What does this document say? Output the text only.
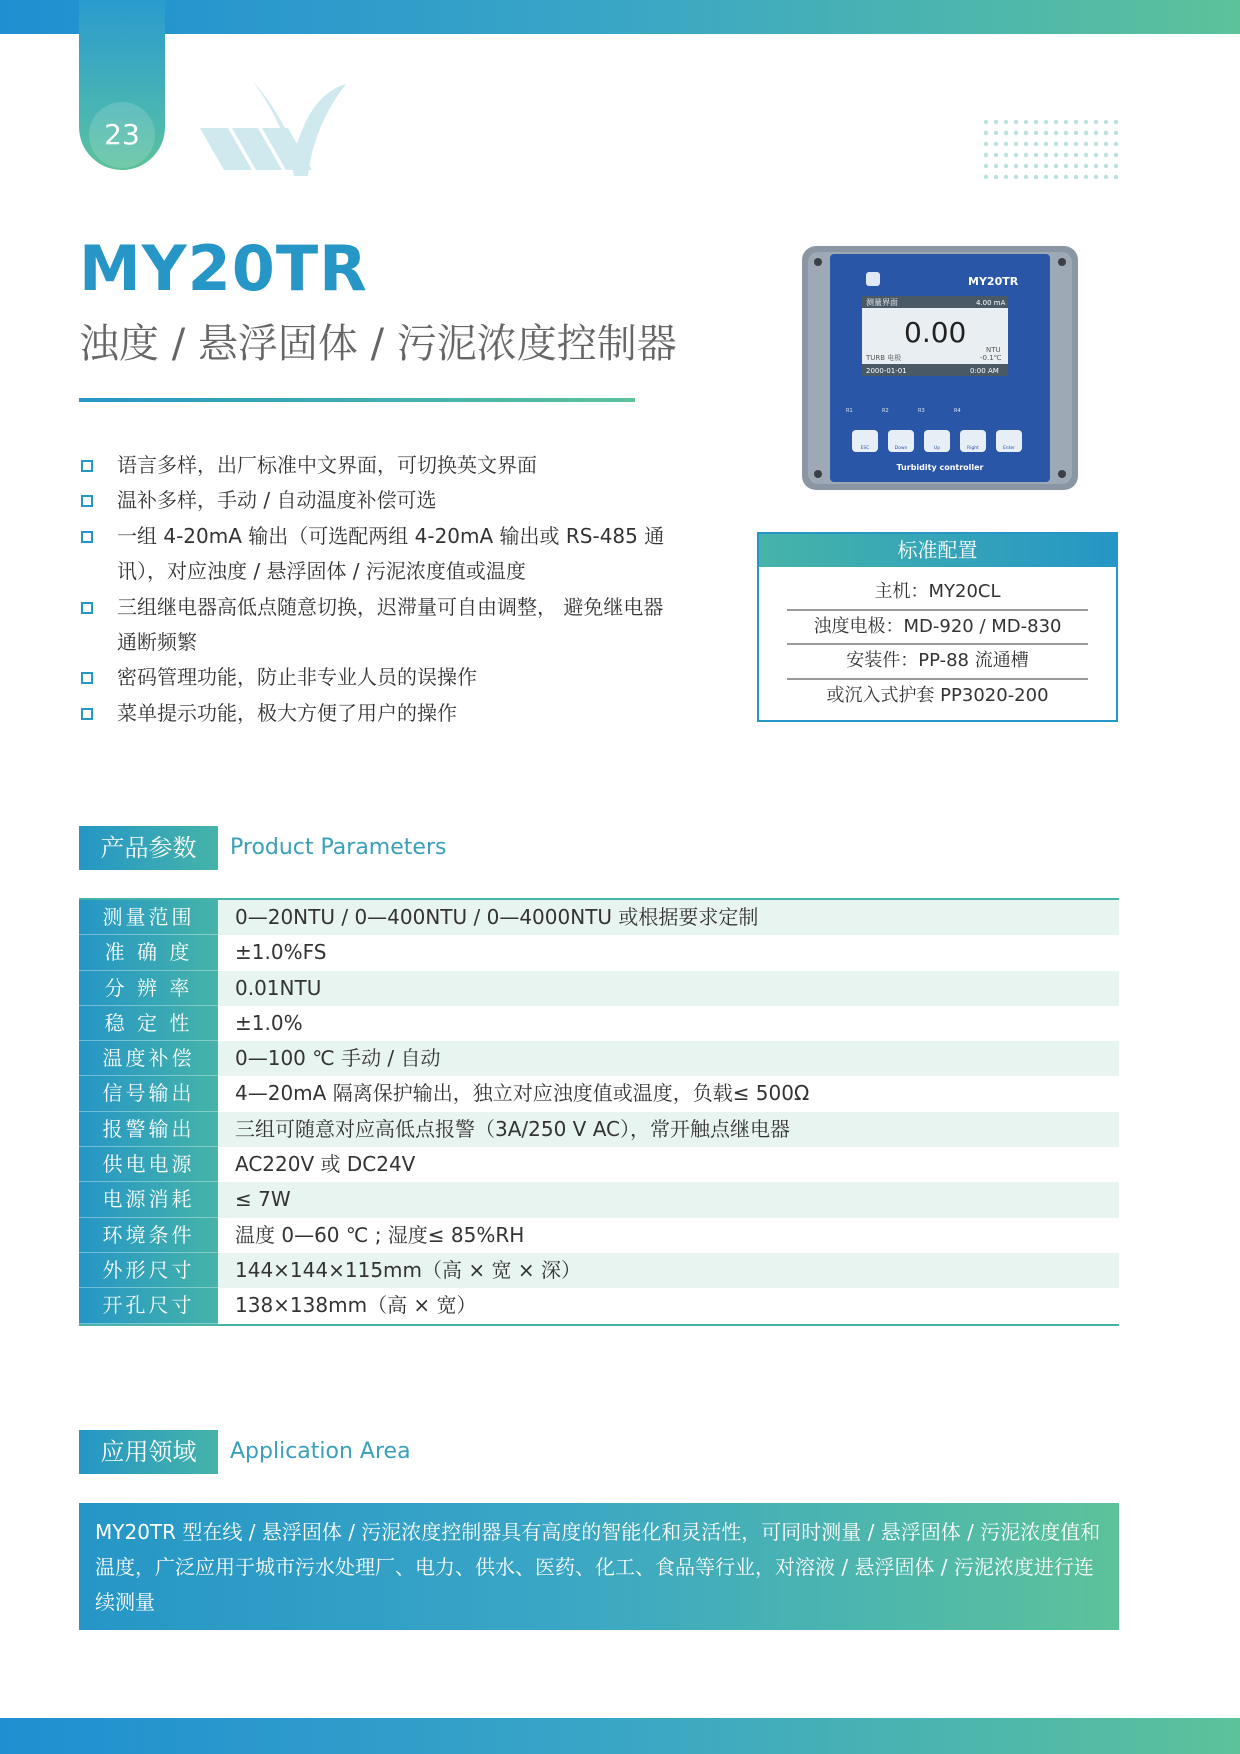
23
MY20TR
浊度 / 悬浮固体 / 污泥浓度控制器
语言多样，出厂标准中文界面，可切换英文界面
温补多样，手动 / 自动温度补偿可选
一组 4-20mA 输出（可选配两组 4-20mA 输出或 RS-485 通讯），对应浊度 / 悬浮固体 / 污泥浓度值或温度
三组继电器高低点随意切换，迟滞量可自由调整， 避免继电器通断频繁
密码管理功能，防止非专业人员的误操作
菜单提示功能，极大方便了用户的操作
MY20TR
测量界面	4.00 mA
0.00
NTU
TURB 电极	-0.1℃
2000-01-01	0:00 AM
R1	R2	R3	R4
ESC	Down	Up	Right	Enter
Turbidity controller
标准配置
主机：MY20CL
浊度电极：MD-920 / MD-830
安装件：PP-88 流通槽
或沉入式护套 PP3020-200
产品参数	Product Parameters
测量范围	0—20NTU / 0—400NTU / 0—4000NTU 或根据要求定制
准 确 度	±1.0%FS
分 辨 率	0.01NTU
稳 定 性	±1.0%
温度补偿	0—100 ℃ 手动 / 自动
信号输出	4—20mA 隔离保护输出，独立对应浊度值或温度，负载≤ 500Ω
报警输出	三组可随意对应高低点报警（3A/250 V AC），常开触点继电器
供电电源	AC220V 或 DC24V
电源消耗	≤ 7W
环境条件	温度 0—60 ℃ ; 湿度≤ 85%RH
外形尺寸	144×144×115mm（高 × 宽 × 深）
开孔尺寸	138×138mm（高 × 宽）
应用领域	Application Area
MY20TR 型在线 / 悬浮固体 / 污泥浓度控制器具有高度的智能化和灵活性，可同时测量 / 悬浮固体 / 污泥浓度值和温度，广泛应用于城市污水处理厂、电力、供水、医药、化工、食品等行业，对溶液 / 悬浮固体 / 污泥浓度进行连续测量
